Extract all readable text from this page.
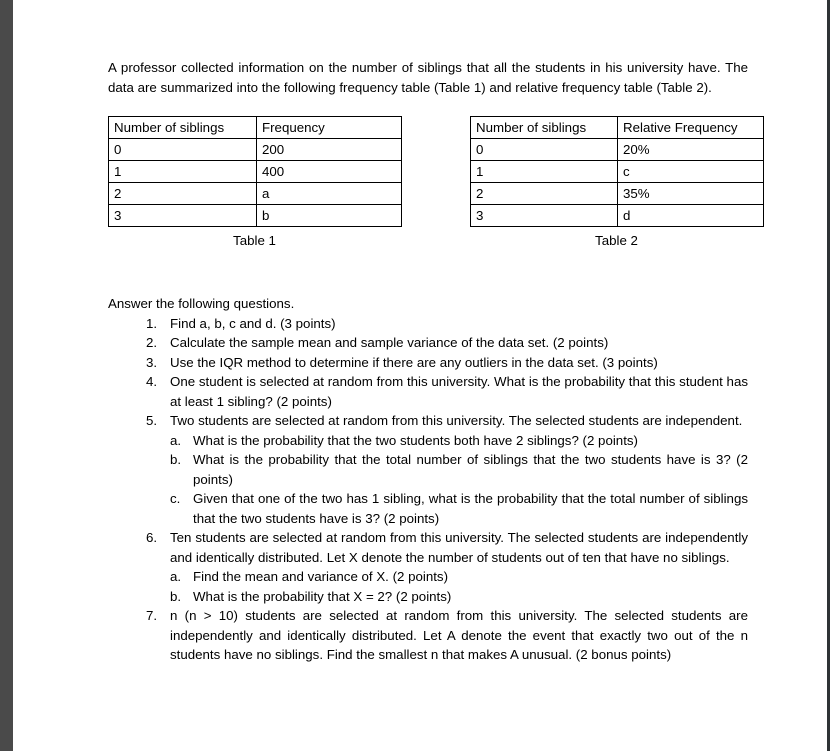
A professor collected information on the number of siblings that all the students in his university have. The data are summarized into the following frequency table (Table 1) and relative frequency table (Table 2).

Number of siblings	Frequency
0	200
1	400
2	a
3	b
Table 1
Number of siblings	Relative Frequency
0	20%
1	c
2	35%
3	d
Table 2

Answer the following questions.

1. Find a, b, c and d. (3 points)
2. Calculate the sample mean and sample variance of the data set. (2 points)
3. Use the IQR method to determine if there are any outliers in the data set. (3 points)
4. One student is selected at random from this university. What is the probability that this student has at least 1 sibling? (2 points)
5. Two students are selected at random from this university. The selected students are independent.
a. What is the probability that the two students both have 2 siblings? (2 points)
b. What is the probability that the total number of siblings that the two students have is 3? (2 points)
c. Given that one of the two has 1 sibling, what is the probability that the total number of siblings that the two students have is 3? (2 points)
6. Ten students are selected at random from this university. The selected students are independently and identically distributed. Let X denote the number of students out of ten that have no siblings.
a. Find the mean and variance of X. (2 points)
b. What is the probability that X = 2? (2 points)
7. n (n > 10) students are selected at random from this university. The selected students are independently and identically distributed. Let A denote the event that exactly two out of the n students have no siblings. Find the smallest n that makes A unusual. (2 bonus points)
